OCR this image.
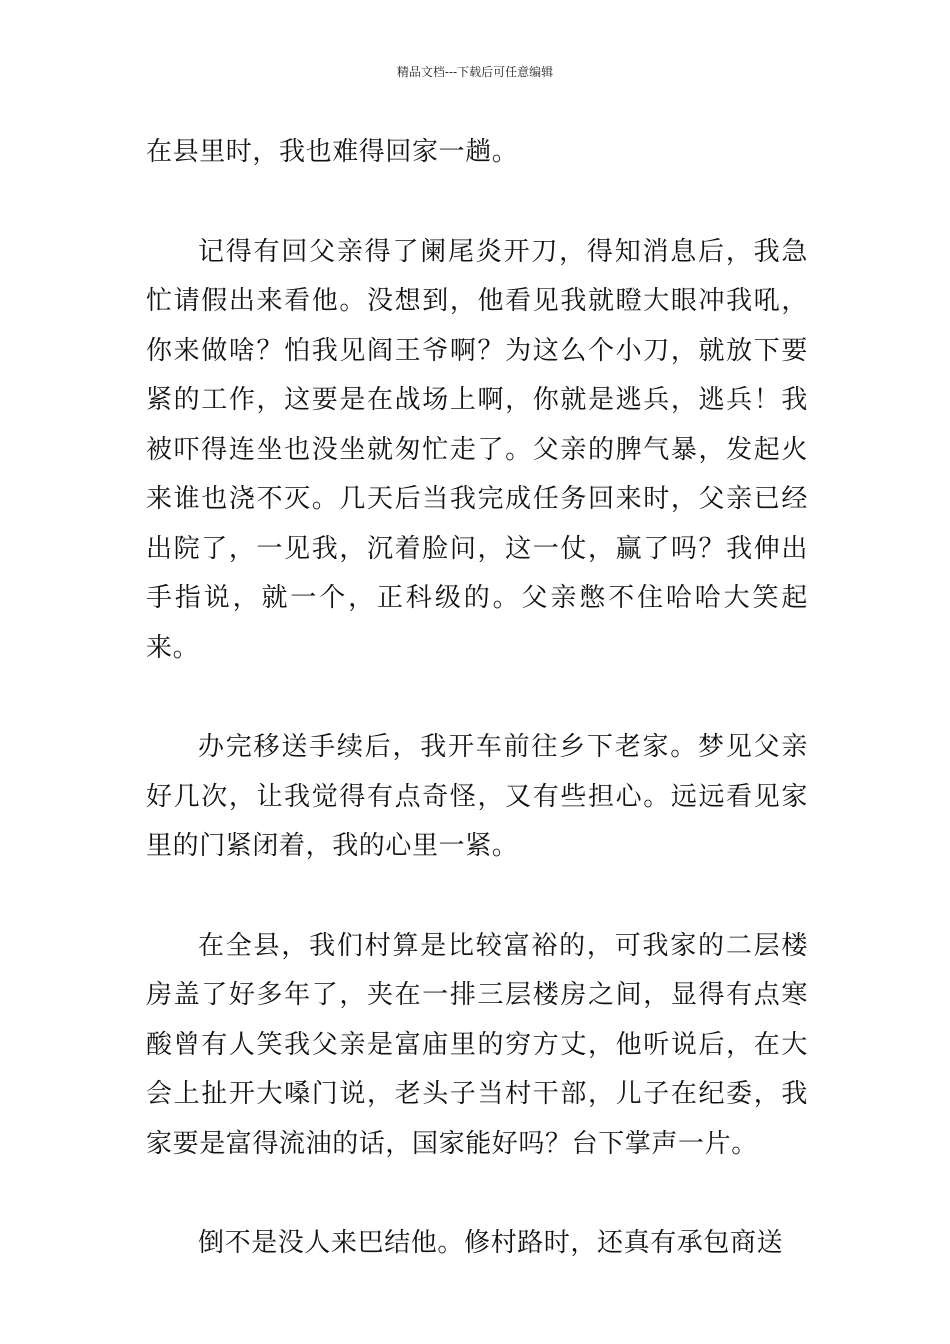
精品文档---下载后可任意编辑

在县里时，我也难得回家一趟。

记得有回父亲得了阑尾炎开刀，得知消息后，我急忙请假出来看他。没想到，他看见我就瞪大眼冲我吼，你来做啥？怕我见阎王爷啊？为这么个小刀，就放下要紧的工作，这要是在战场上啊，你就是逃兵，逃兵！我被吓得连坐也没坐就匆忙走了。父亲的脾气暴，发起火来谁也浇不灭。几天后当我完成任务回来时，父亲已经出院了，一见我，沉着脸问，这一仗，赢了吗？我伸出手指说，就一个，正科级的。父亲憋不住哈哈大笑起来。

办完移送手续后，我开车前往乡下老家。梦见父亲好几次，让我觉得有点奇怪，又有些担心。远远看见家里的门紧闭着，我的心里一紧。

在全县，我们村算是比较富裕的，可我家的二层楼房盖了好多年了，夹在一排三层楼房之间，显得有点寒酸曾有人笑我父亲是富庙里的穷方丈，他听说后，在大会上扯开大嗓门说，老头子当村干部，儿子在纪委，我家要是富得流油的话，国家能好吗？台下掌声一片。

倒不是没人来巴结他。修村路时，还真有承包商送
